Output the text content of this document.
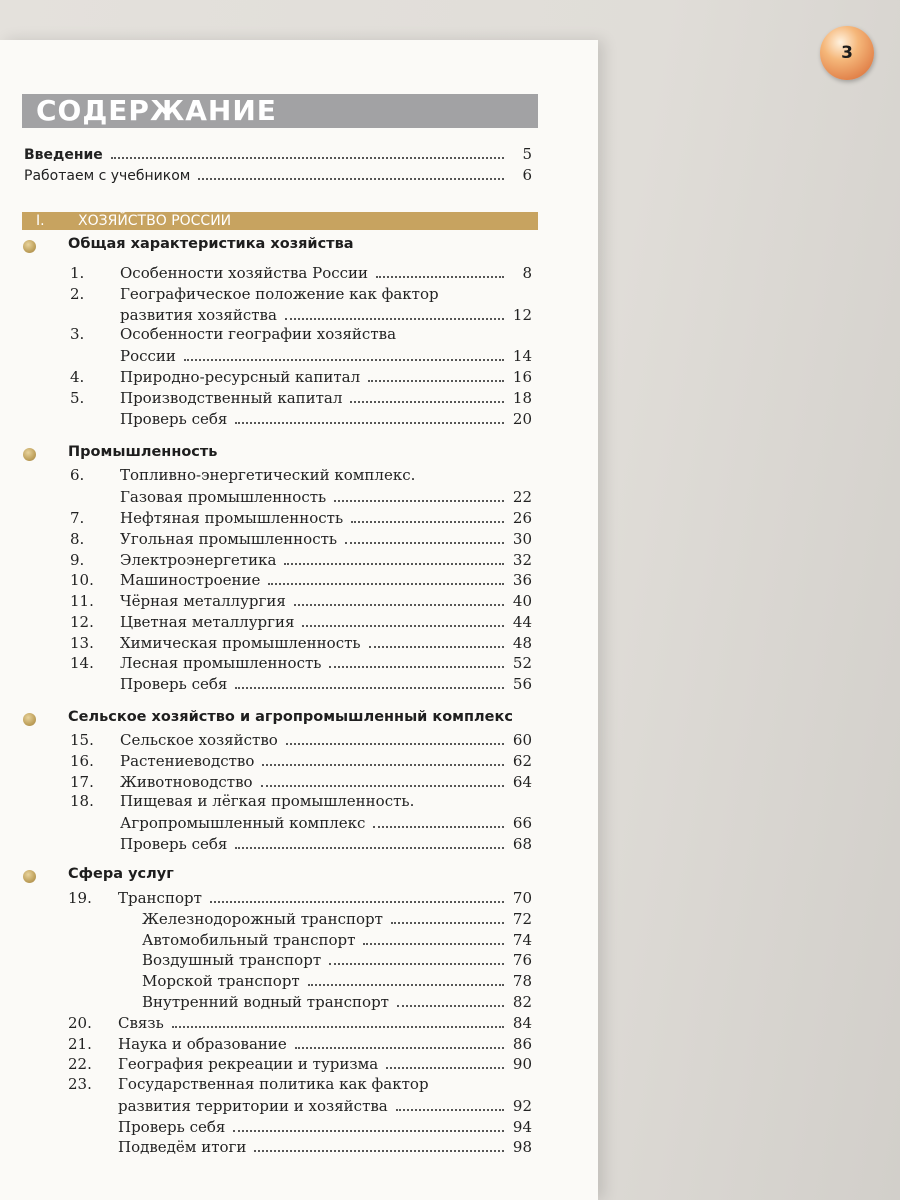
3
СОДЕРЖАНИЕ
Введение	5
Работаем с учебником	6
I. ХОЗЯЙСТВО РОССИИ
Общая характеристика хозяйства
1. Особенности хозяйства России	8
2. Географическое положение как фактор
развития хозяйства	12
3. Особенности географии хозяйства
России	14
4. Природно-ресурсный капитал	16
5. Производственный капитал	18
Проверь себя	20
Промышленность
6. Топливно-энергетический комплекс.
Газовая промышленность	22
7. Нефтяная промышленность	26
8. Угольная промышленность	30
9. Электроэнергетика	32
10. Машиностроение	36
11. Чёрная металлургия	40
12. Цветная металлургия	44
13. Химическая промышленность	48
14. Лесная промышленность	52
Проверь себя	56
Сельское хозяйство и агропромышленный комплекс
15. Сельское хозяйство	60
16. Растениеводство	62
17. Животноводство	64
18. Пищевая и лёгкая промышленность.
Агропромышленный комплекс	66
Проверь себя	68
Сфера услуг
19. Транспорт	70
Железнодорожный транспорт	72
Автомобильный транспорт	74
Воздушный транспорт	76
Морской транспорт	78
Внутренний водный транспорт	82
20. Связь	84
21. Наука и образование	86
22. География рекреации и туризма	90
23. Государственная политика как фактор
развития территории и хозяйства	92
Проверь себя	94
Подведём итоги	98
